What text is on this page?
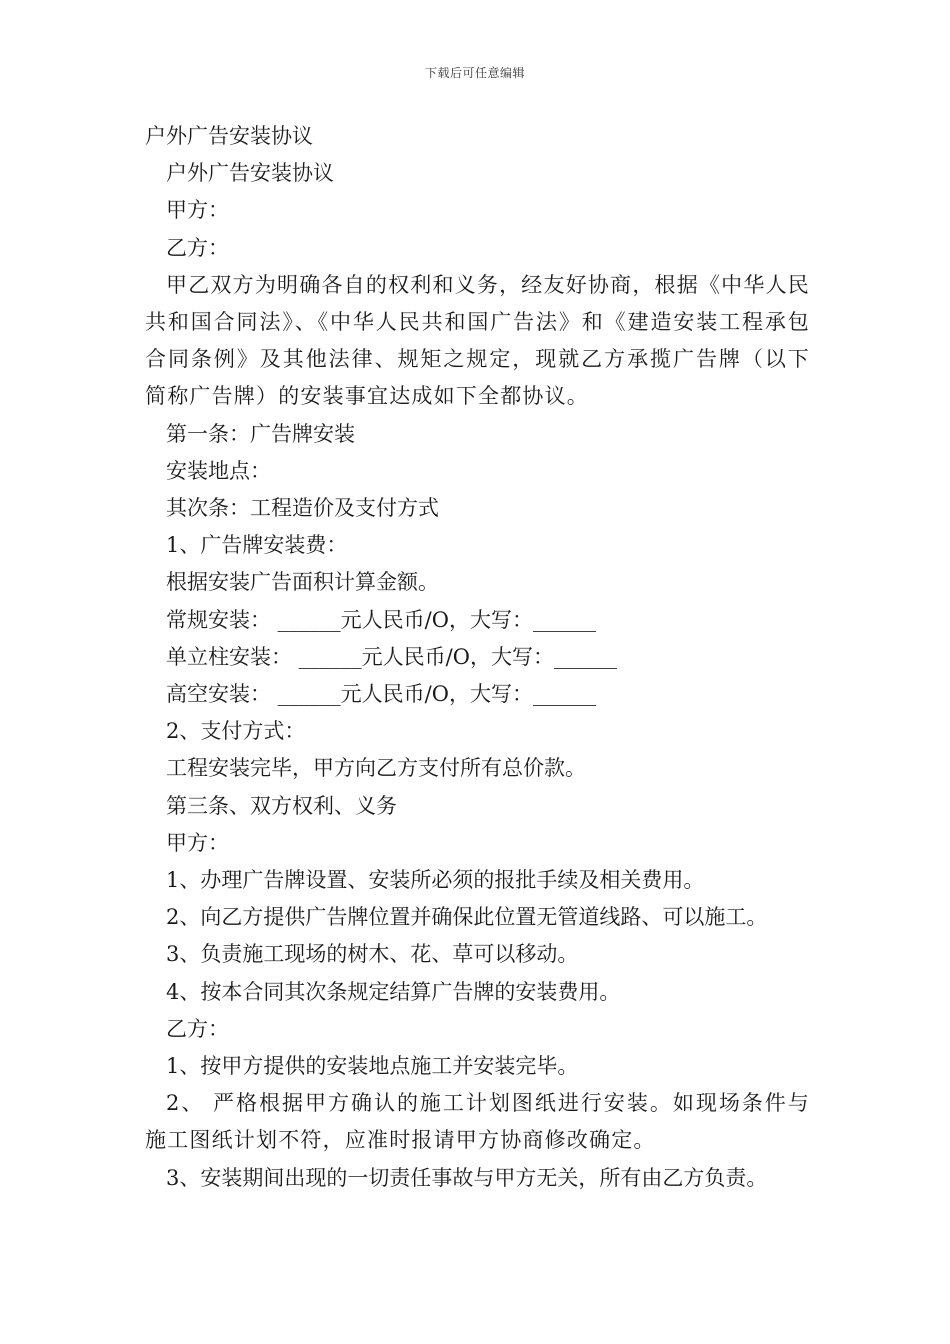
下载后可任意编辑
户外广告安装协议
户外广告安装协议
甲方：
乙方：
甲乙双方为明确各自的权利和义务，经友好协商，根据《中华人民共和国合同法》、《中华人民共和国广告法》和《建造安装工程承包合同条例》及其他法律、规矩之规定，现就乙方承揽广告牌（以下简称广告牌）的安装事宜达成如下全都协议。
第一条：广告牌安装
安装地点：
其次条：工程造价及支付方式
1、广告牌安装费：
根据安装广告面积计算金额。
常规安装： ______元人民币/O，大写：______
单立柱安装： ______元人民币/O，大写：______
高空安装： ______元人民币/O，大写：______
2、支付方式：
工程安装完毕，甲方向乙方支付所有总价款。
第三条、双方权利、义务
甲方：
1、办理广告牌设置、安装所必须的报批手续及相关费用。
2、向乙方提供广告牌位置并确保此位置无管道线路、可以施工。
3、负责施工现场的树木、花、草可以移动。
4、按本合同其次条规定结算广告牌的安装费用。
乙方：
1、按甲方提供的安装地点施工并安装完毕。
2、 严格根据甲方确认的施工计划图纸进行安装。如现场条件与施工图纸计划不符，应准时报请甲方协商修改确定。
3、安装期间出现的一切责任事故与甲方无关，所有由乙方负责。
